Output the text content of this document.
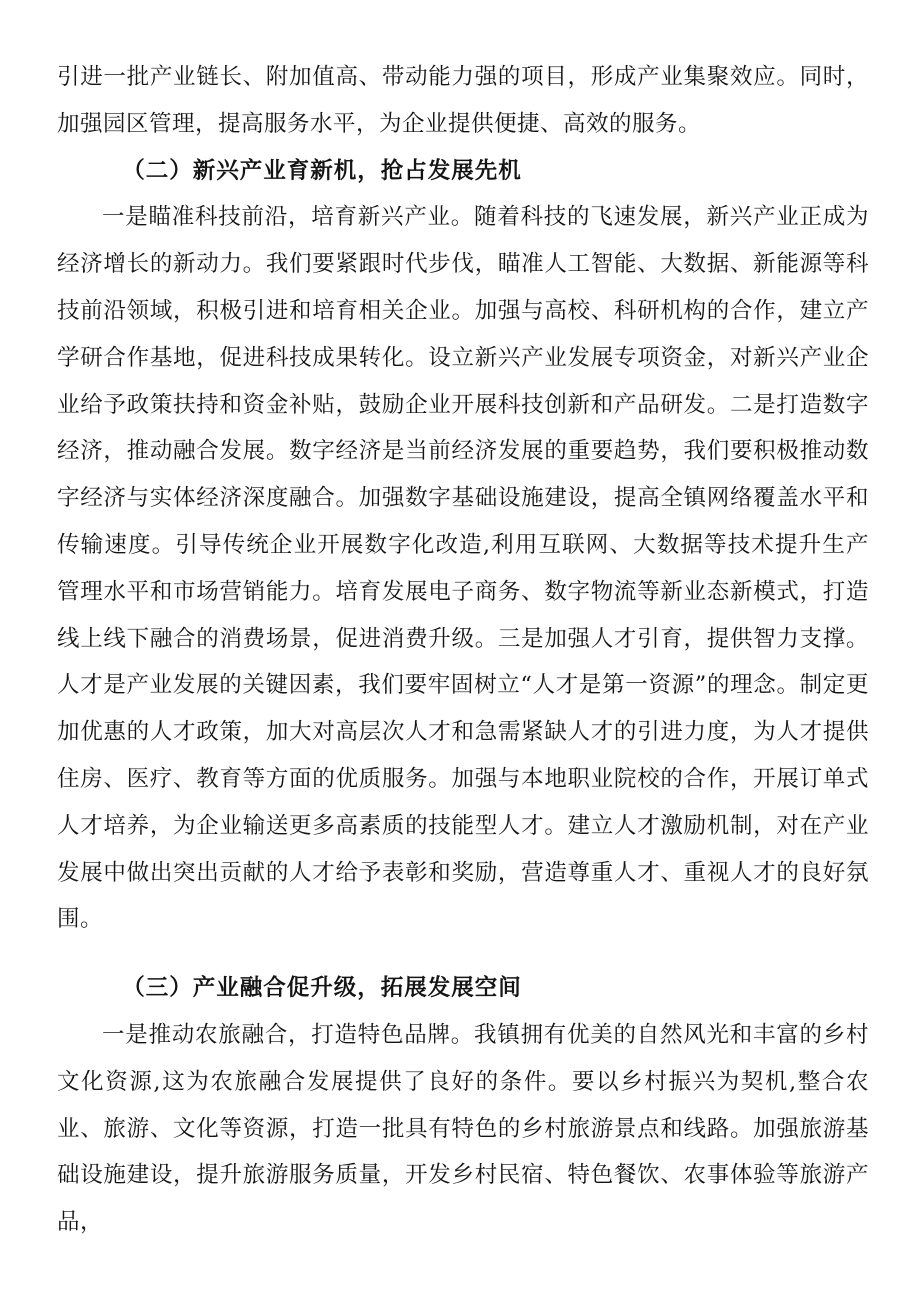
引进一批产业链长、附加值高、带动能力强的项目，形成产业集聚效应。同时，加强园区管理，提高服务水平，为企业提供便捷、高效的服务。

（二）新兴产业育新机，抢占发展先机

一是瞄准科技前沿，培育新兴产业。随着科技的飞速发展，新兴产业正成为经济增长的新动力。我们要紧跟时代步伐，瞄准人工智能、大数据、新能源等科技前沿领域，积极引进和培育相关企业。加强与高校、科研机构的合作，建立产学研合作基地，促进科技成果转化。设立新兴产业发展专项资金，对新兴产业企业给予政策扶持和资金补贴，鼓励企业开展科技创新和产品研发。二是打造数字经济，推动融合发展。数字经济是当前经济发展的重要趋势，我们要积极推动数字经济与实体经济深度融合。加强数字基础设施建设，提高全镇网络覆盖水平和传输速度。引导传统企业开展数字化改造,利用互联网、大数据等技术提升生产管理水平和市场营销能力。培育发展电子商务、数字物流等新业态新模式，打造线上线下融合的消费场景，促进消费升级。三是加强人才引育，提供智力支撑。人才是产业发展的关键因素，我们要牢固树立“人才是第一资源”的理念。制定更加优惠的人才政策，加大对高层次人才和急需紧缺人才的引进力度，为人才提供住房、医疗、教育等方面的优质服务。加强与本地职业院校的合作，开展订单式人才培养，为企业输送更多高素质的技能型人才。建立人才激励机制，对在产业发展中做出突出贡献的人才给予表彰和奖励，营造尊重人才、重视人才的良好氛围。

（三）产业融合促升级，拓展发展空间

一是推动农旅融合，打造特色品牌。我镇拥有优美的自然风光和丰富的乡村文化资源,这为农旅融合发展提供了良好的条件。要以乡村振兴为契机,整合农业、旅游、文化等资源，打造一批具有特色的乡村旅游景点和线路。加强旅游基础设施建设，提升旅游服务质量，开发乡村民宿、特色餐饮、农事体验等旅游产品，
